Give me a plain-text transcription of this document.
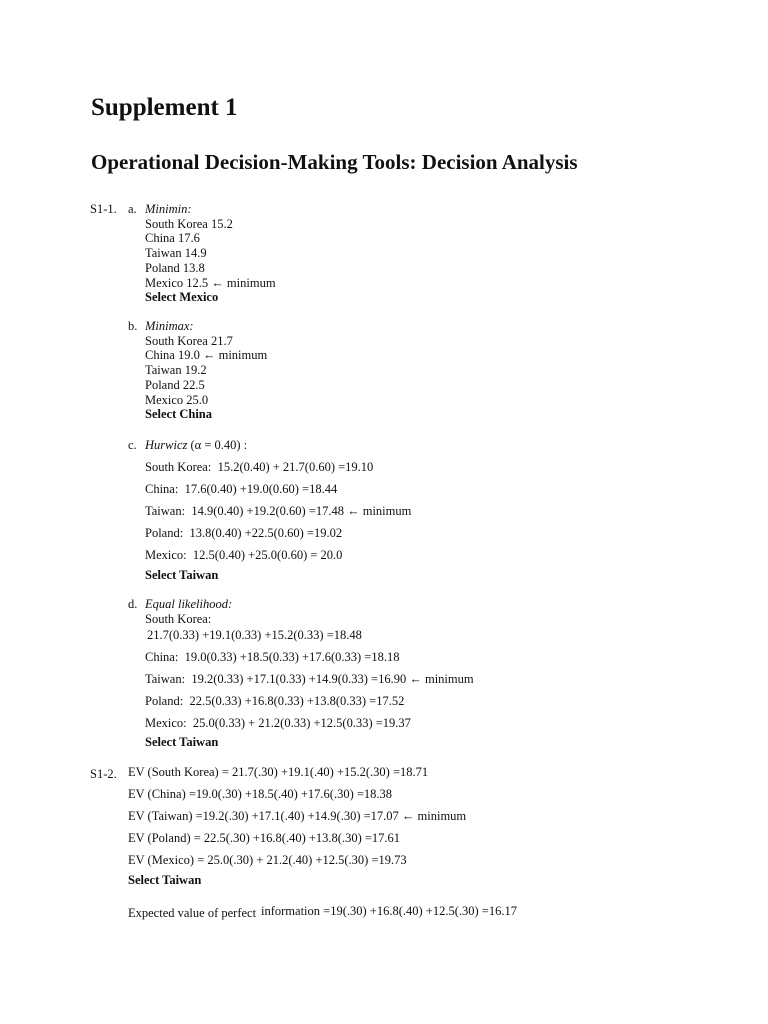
Supplement 1
Operational Decision-Making Tools: Decision Analysis
S1-1. a. Minimin:
South Korea 15.2
China 17.6
Taiwan 14.9
Poland 13.8
Mexico 12.5 ← minimum
Select Mexico
b. Minimax:
South Korea 21.7
China 19.0 ← minimum
Taiwan 19.2
Poland 22.5
Mexico 25.0
Select China
c. Hurwicz (α = 0.40) :
South Korea: 15.2(0.40) + 21.7(0.60) =19.10
China: 17.6(0.40) +19.0(0.60) =18.44
Taiwan: 14.9(0.40) +19.2(0.60) =17.48 ← minimum
Poland: 13.8(0.40) +22.5(0.60) =19.02
Mexico: 12.5(0.40) +25.0(0.60) = 20.0
Select Taiwan
d. Equal likelihood:
South Korea:
21.7(0.33) +19.1(0.33) +15.2(0.33) =18.48
China: 19.0(0.33) +18.5(0.33) +17.6(0.33) =18.18
Taiwan: 19.2(0.33) +17.1(0.33) +14.9(0.33) =16.90 ← minimum
Poland: 22.5(0.33) +16.8(0.33) +13.8(0.33) =17.52
Mexico: 25.0(0.33) + 21.2(0.33) +12.5(0.33) =19.37
Select Taiwan
S1-2. EV (South Korea) = 21.7(.30) +19.1(.40) +15.2(.30) =18.71
EV (China) =19.0(.30) +18.5(.40) +17.6(.30) =18.38
EV (Taiwan) =19.2(.30) +17.1(.40) +14.9(.30) =17.07 ← minimum
EV (Poland) = 22.5(.30) +16.8(.40) +13.8(.30) =17.61
EV (Mexico) = 25.0(.30) + 21.2(.40) +12.5(.30) =19.73
Select Taiwan
Expected value of perfect information =19(.30) +16.8(.40) +12.5(.30) =16.17
